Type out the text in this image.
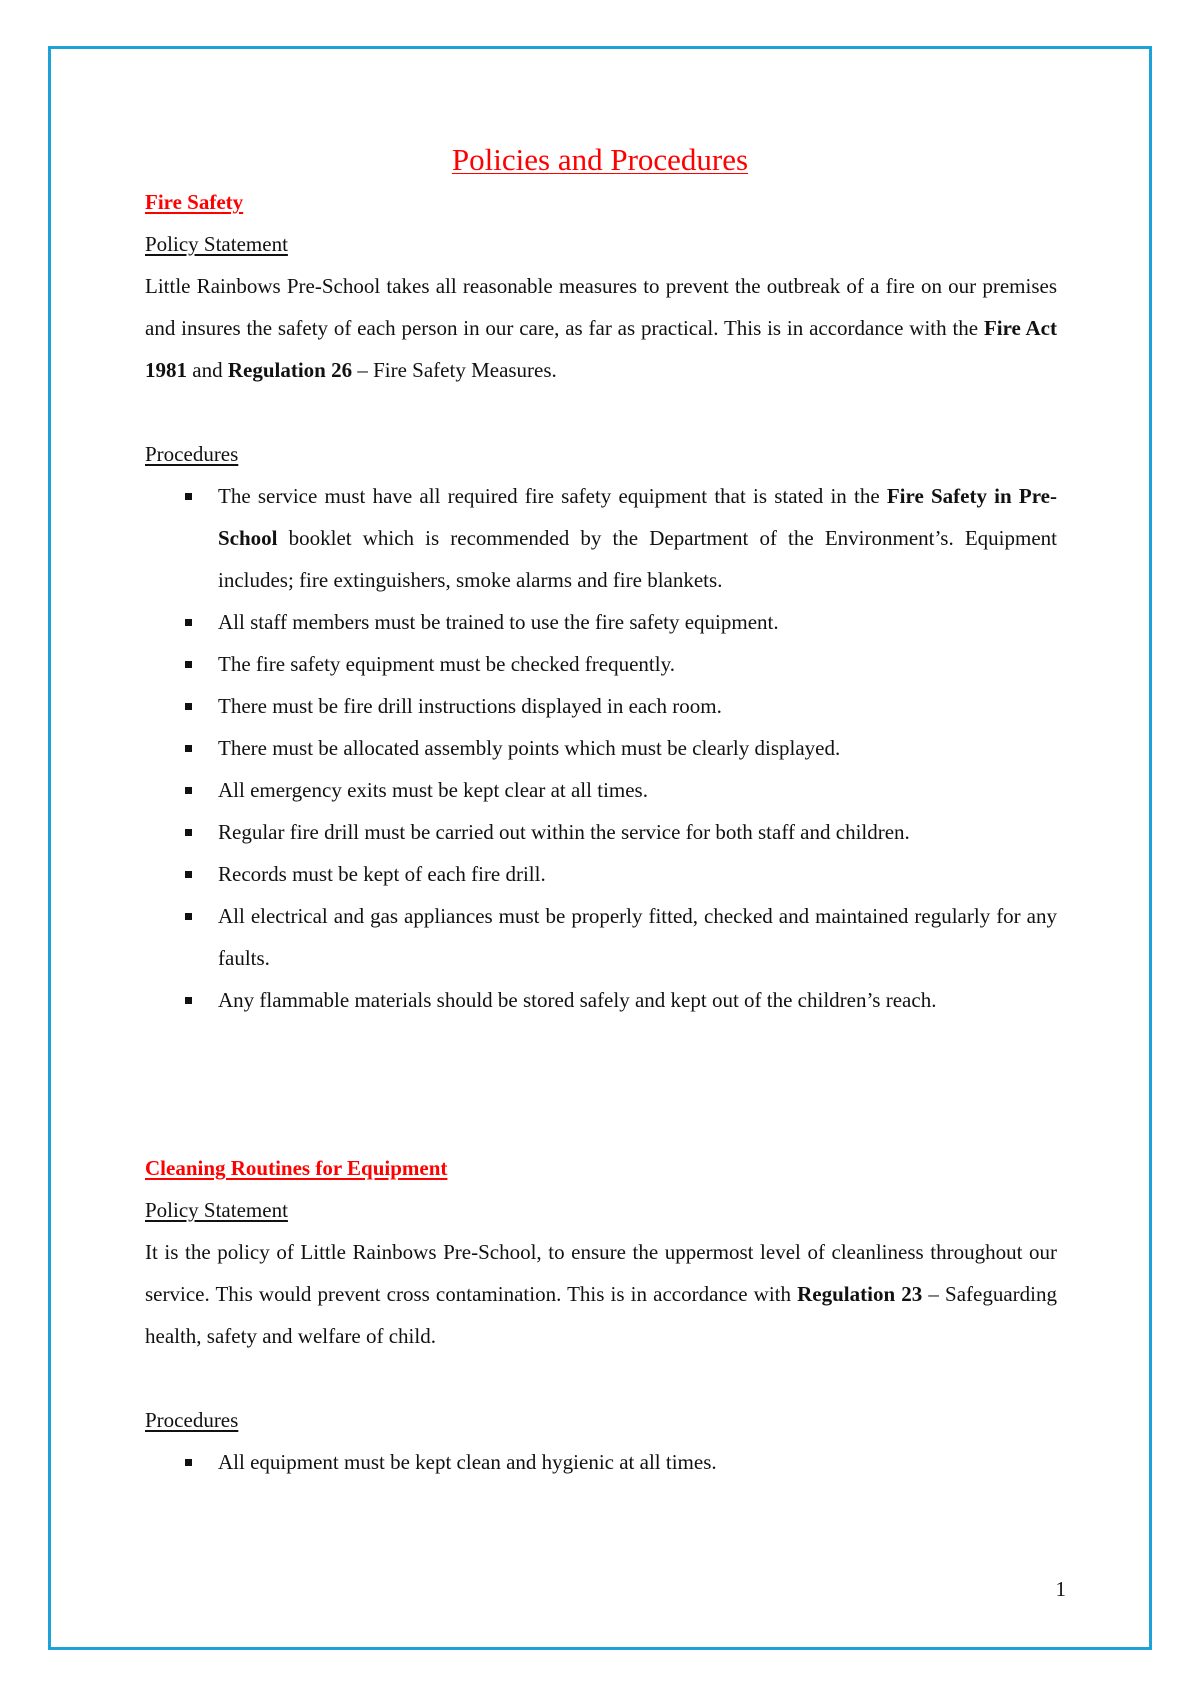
Policies and Procedures
Fire Safety
Policy Statement
Little Rainbows Pre-School takes all reasonable measures to prevent the outbreak of a fire on our premises and insures the safety of each person in our care, as far as practical. This is in accordance with the Fire Act 1981 and Regulation 26 – Fire Safety Measures.
Procedures
The service must have all required fire safety equipment that is stated in the Fire Safety in Pre-School booklet which is recommended by the Department of the Environment’s. Equipment includes; fire extinguishers, smoke alarms and fire blankets.
All staff members must be trained to use the fire safety equipment.
The fire safety equipment must be checked frequently.
There must be fire drill instructions displayed in each room.
There must be allocated assembly points which must be clearly displayed.
All emergency exits must be kept clear at all times.
Regular fire drill must be carried out within the service for both staff and children.
Records must be kept of each fire drill.
All electrical and gas appliances must be properly fitted, checked and maintained regularly for any faults.
Any flammable materials should be stored safely and kept out of the children’s reach.
Cleaning Routines for Equipment
Policy Statement
It is the policy of Little Rainbows Pre-School, to ensure the uppermost level of cleanliness throughout our service. This would prevent cross contamination. This is in accordance with Regulation 23 – Safeguarding health, safety and welfare of child.
Procedures
All equipment must be kept clean and hygienic at all times.
1
